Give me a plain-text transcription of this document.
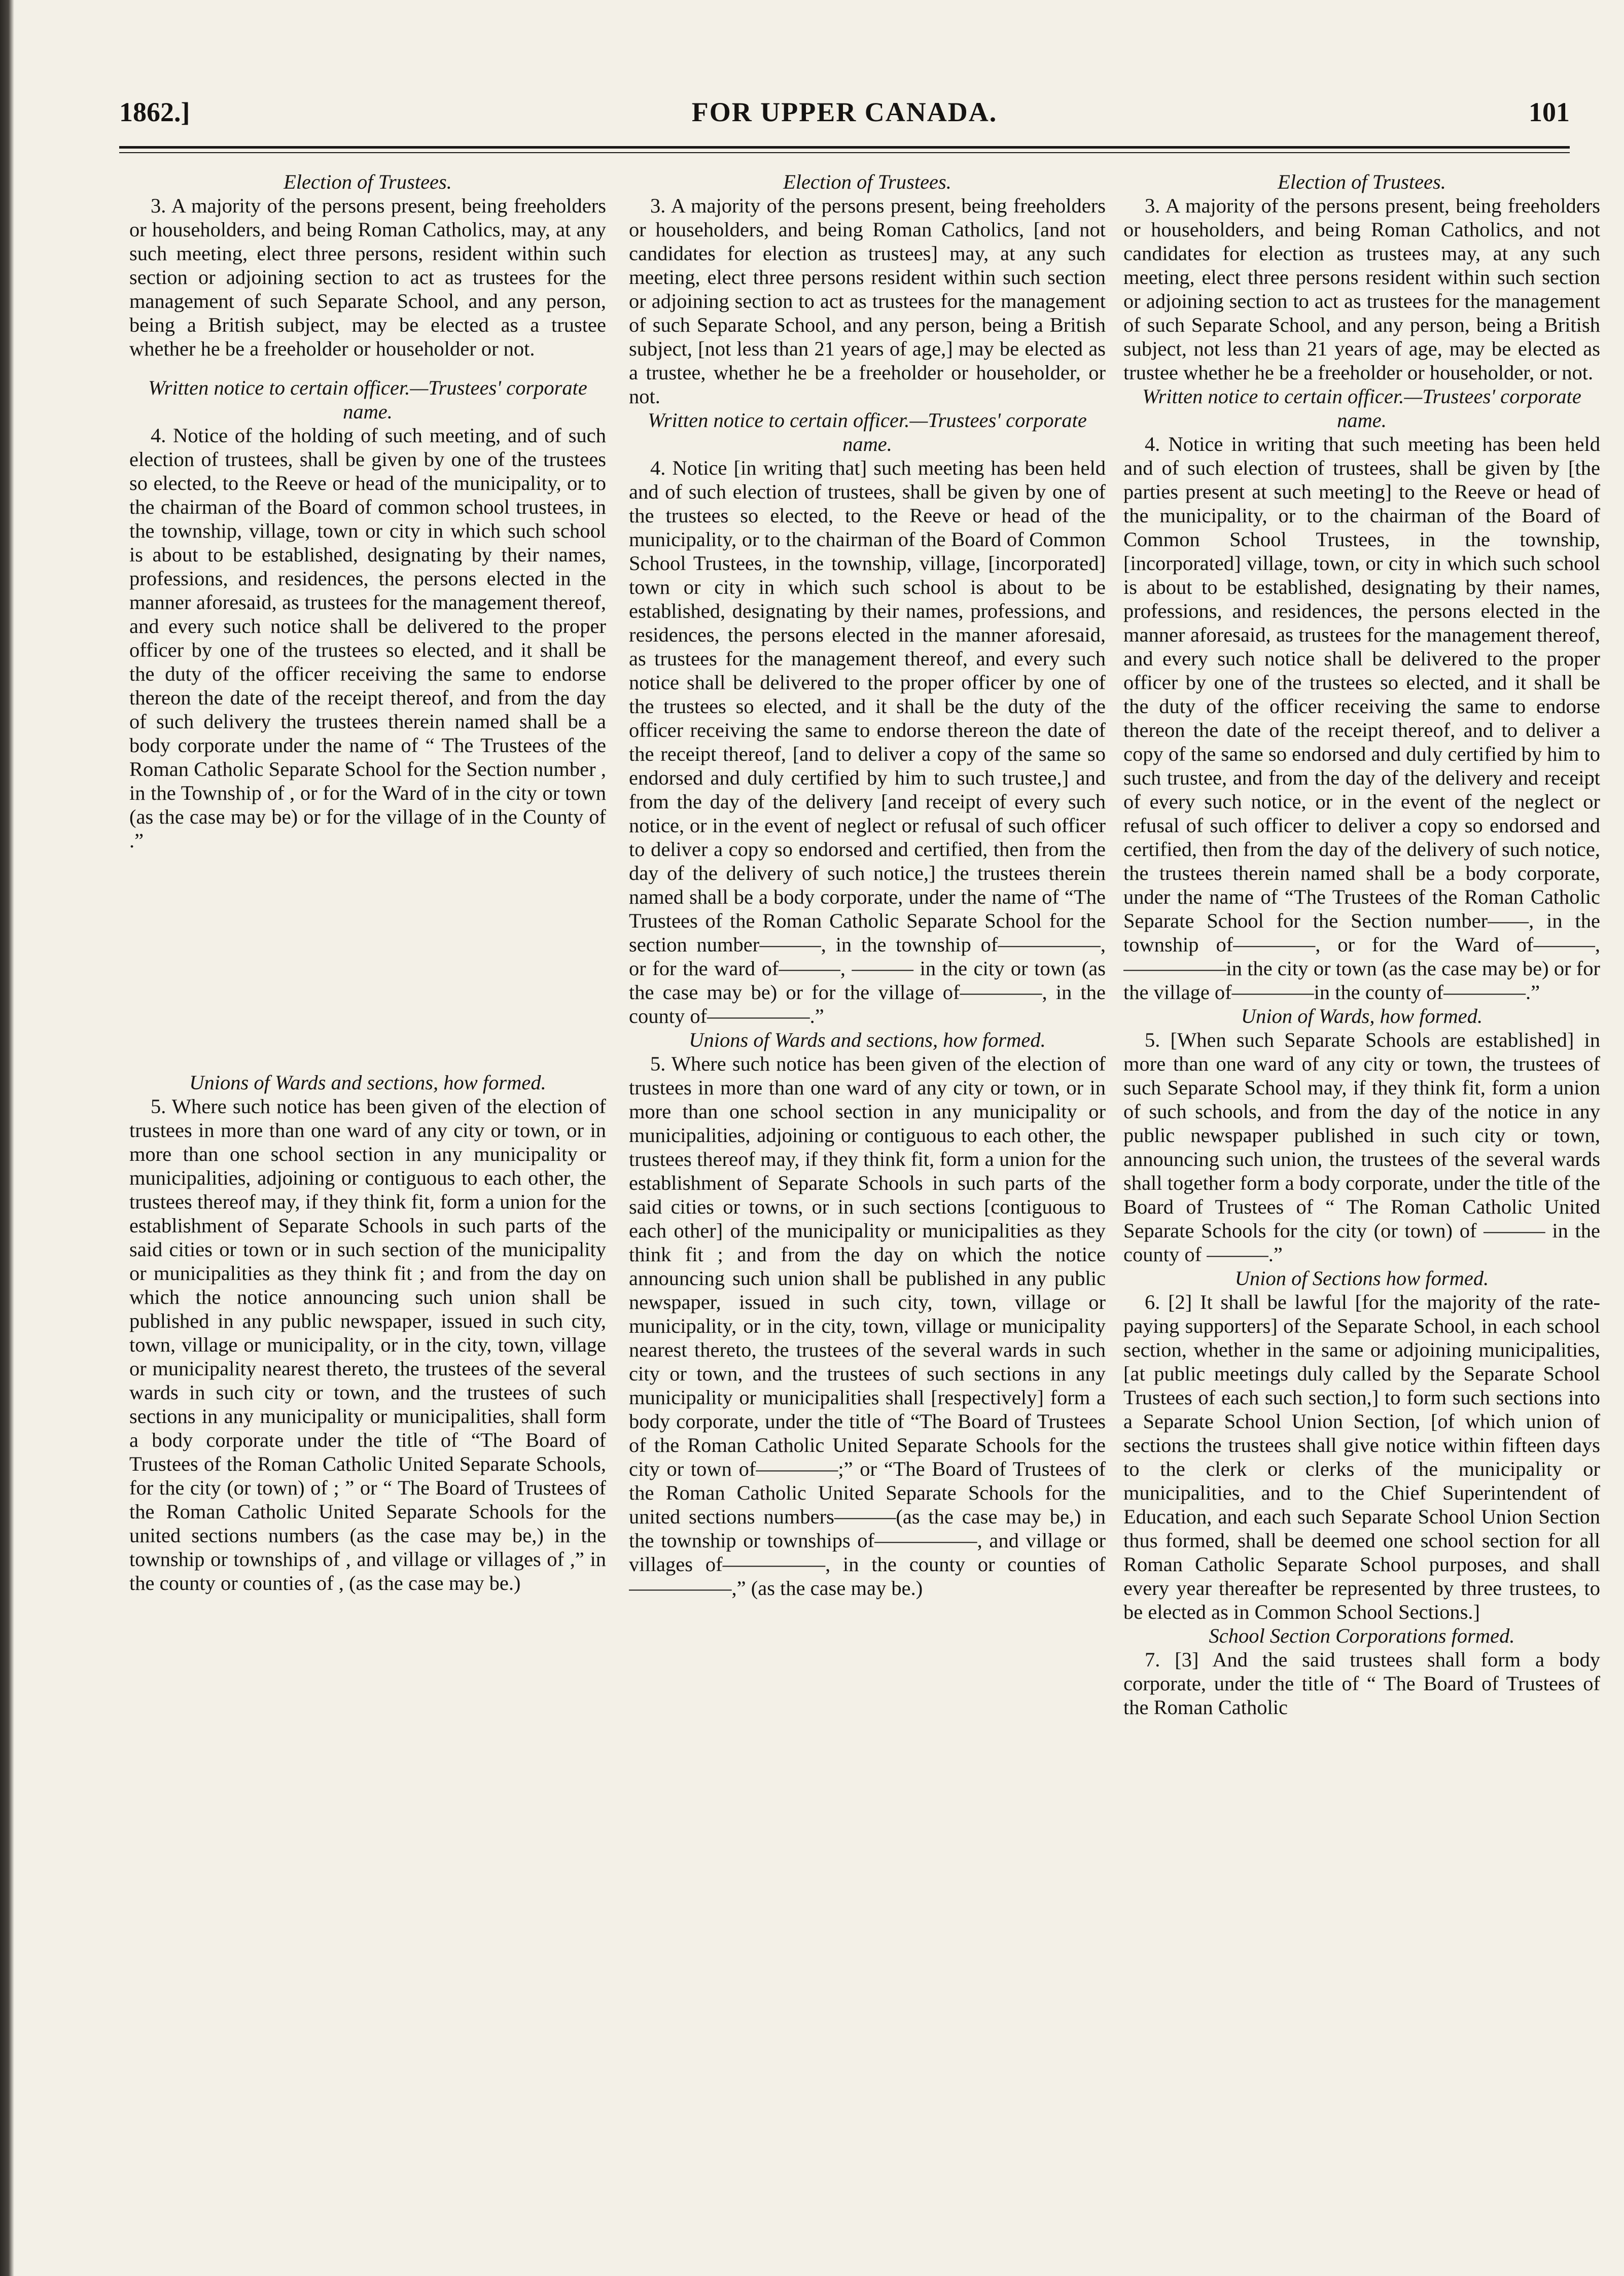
1862.]	FOR UPPER CANADA.	101

Election of Trustees.

3. A majority of the persons present, being freeholders or householders, and being Roman Catholics, may, at any such meeting, elect three persons, resident within such section or adjoining section to act as trustees for the management of such Separate School, and any person, being a British subject, may be elected as a trustee whether he be a freeholder or householder or not.

Written notice to certain officer.—Trustees' corporate name.

4. Notice of the holding of such meeting, and of such election of trustees, shall be given by one of the trustees so elected, to the Reeve or head of the municipality, or to the chairman of the Board of common school trustees, in the township, village, town or city in which such school is about to be established, designating by their names, professions, and residences, the persons elected in the manner aforesaid, as trustees for the management thereof, and every such notice shall be delivered to the proper officer by one of the trustees so elected, and it shall be the duty of the officer receiving the same to endorse thereon the date of the receipt thereof, and from the day of such delivery the trustees therein named shall be a body corporate under the name of “ The Trustees of the Roman Catholic Separate School for the Section number , in the Township of , or for the Ward of in the city or town (as the case may be) or for the village of in the County of .”

Unions of Wards and sections, how formed.

5. Where such notice has been given of the election of trustees in more than one ward of any city or town, or in more than one school section in any municipality or municipalities, adjoining or contiguous to each other, the trustees thereof may, if they think fit, form a union for the establishment of Separate Schools in such parts of the said cities or town or in such section of the municipality or municipalities as they think fit ; and from the day on which the notice announcing such union shall be published in any public newspaper, issued in such city, town, village or municipality, or in the city, town, village or municipality nearest thereto, the trustees of the several wards in such city or town, and the trustees of such sections in any municipality or municipalities, shall form a body corporate under the title of “The Board of Trustees of the Roman Catholic United Separate Schools, for the city (or town) of ; ” or “ The Board of Trustees of the Roman Catholic United Separate Schools for the united sections numbers (as the case may be,) in the township or townships of , and village or villages of ,” in the county or counties of , (as the case may be.)

Election of Trustees.

3. A majority of the persons present, being freeholders or householders, and being Roman Catholics, [and not candidates for election as trustees] may, at any such meeting, elect three persons resident within such section or adjoining section to act as trustees for the management of such Separate School, and any person, being a British subject, [not less than 21 years of age,] may be elected as a trustee, whether he be a freeholder or householder, or not.

Written notice to certain officer.—Trustees' corporate name.

4. Notice [in writing that] such meeting has been held and of such election of trustees, shall be given by one of the trustees so elected, to the Reeve or head of the municipality, or to the chairman of the Board of Common School Trustees, in the township, village, [incorporated] town or city in which such school is about to be established, designating by their names, professions, and residences, the persons elected in the manner aforesaid, as trustees for the management thereof, and every such notice shall be delivered to the proper officer by one of the trustees so elected, and it shall be the duty of the officer receiving the same to endorse thereon the date of the receipt thereof, [and to deliver a copy of the same so endorsed and duly certified by him to such trustee,] and from the day of the delivery [and receipt of every such notice, or in the event of neglect or refusal of such officer to deliver a copy so endorsed and certified, then from the day of the delivery of such notice,] the trustees therein named shall be a body corporate, under the name of “The Trustees of the Roman Catholic Separate School for the section number———, in the township of—————, or for the ward of———, ——— in the city or town (as the case may be) or for the village of————, in the county of—————.”

Unions of Wards and sections, how formed.

5. Where such notice has been given of the election of trustees in more than one ward of any city or town, or in more than one school section in any municipality or municipalities, adjoining or contiguous to each other, the trustees thereof may, if they think fit, form a union for the establishment of Separate Schools in such parts of the said cities or towns, or in such sections [contiguous to each other] of the municipality or municipalities as they think fit ; and from the day on which the notice announcing such union shall be published in any public newspaper, issued in such city, town, village or municipality, or in the city, town, village or municipality nearest thereto, the trustees of the several wards in such city or town, and the trustees of such sections in any municipality or municipalities shall [respectively] form a body corporate, under the title of “The Board of Trustees of the Roman Catholic United Separate Schools for the city or town of————;” or “The Board of Trustees of the Roman Catholic United Separate Schools for the united sections numbers———(as the case may be,) in the township or townships of—————, and village or villages of—————, in the county or counties of—————,” (as the case may be.)

Election of Trustees.

3. A majority of the persons present, being freeholders or householders, and being Roman Catholics, and not candidates for election as trustees may, at any such meeting, elect three persons resident within such section or adjoining section to act as trustees for the management of such Separate School, and any person, being a British subject, not less than 21 years of age, may be elected as trustee whether he be a freeholder or householder, or not.

Written notice to certain officer.—Trustees' corporate name.

4. Notice in writing that such meeting has been held and of such election of trustees, shall be given by [the parties present at such meeting] to the Reeve or head of the municipality, or to the chairman of the Board of Common School Trustees, in the township, [incorporated] village, town, or city in which such school is about to be established, designating by their names, professions, and residences, the persons elected in the manner aforesaid, as trustees for the management thereof, and every such notice shall be delivered to the proper officer by one of the trustees so elected, and it shall be the duty of the officer receiving the same to endorse thereon the date of the receipt thereof, and to deliver a copy of the same so endorsed and duly certified by him to such trustee, and from the day of the delivery and receipt of every such notice, or in the event of the neglect or refusal of such officer to deliver a copy so endorsed and certified, then from the day of the delivery of such notice, the trustees therein named shall be a body corporate, under the name of “The Trustees of the Roman Catholic Separate School for the Section number——, in the township of————, or for the Ward of———, —————in the city or town (as the case may be) or for the village of————in the county of————.”

Union of Wards, how formed.

5. [When such Separate Schools are established] in more than one ward of any city or town, the trustees of such Separate School may, if they think fit, form a union of such schools, and from the day of the notice in any public newspaper published in such city or town, announcing such union, the trustees of the several wards shall together form a body corporate, under the title of the Board of Trustees of “ The Roman Catholic United Separate Schools for the city (or town) of ——— in the county of ———.”

Union of Sections how formed.

6. [2] It shall be lawful [for the majority of the rate-paying supporters] of the Separate School, in each school section, whether in the same or adjoining municipalities, [at public meetings duly called by the Separate School Trustees of each such section,] to form such sections into a Separate School Union Section, [of which union of sections the trustees shall give notice within fifteen days to the clerk or clerks of the municipality or municipalities, and to the Chief Superintendent of Education, and each such Separate School Union Section thus formed, shall be deemed one school section for all Roman Catholic Separate School purposes, and shall every year thereafter be represented by three trustees, to be elected as in Common School Sections.]

School Section Corporations formed.

7. [3] And the said trustees shall form a body corporate, under the title of “ The Board of Trustees of the Roman Catholic
